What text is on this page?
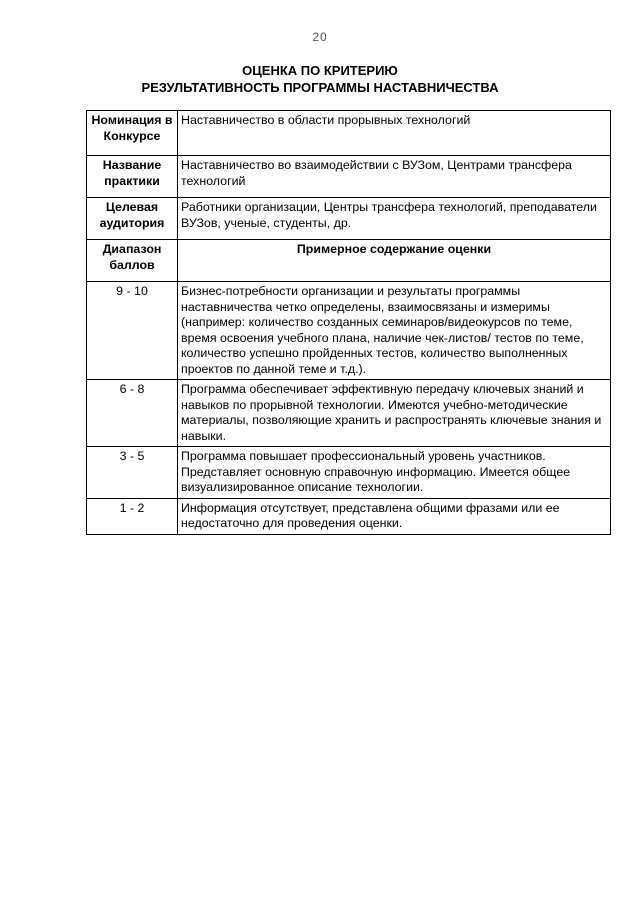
20
ОЦЕНКА ПО КРИТЕРИЮ
РЕЗУЛЬТАТИВНОСТЬ ПРОГРАММЫ НАСТАВНИЧЕСТВА
Номинация в Конкурсе	Наставничество в области прорывных технологий
Название практики	Наставничество во взаимодействии с ВУЗом, Центрами трансфера технологий
Целевая аудитория	Работники организации, Центры трансфера технологий, преподаватели ВУЗов, ученые, студенты, др.
Диапазон баллов	Примерное содержание оценки
9 - 10	Бизнес-потребности организации и результаты программы наставничества четко определены, взаимосвязаны и измеримы (например: количество созданных семинаров/видеокурсов по теме, время освоения учебного плана, наличие чек-листов/ тестов по теме, количество успешно пройденных тестов, количество выполненных проектов по данной теме и т.д.).
6 - 8	Программа обеспечивает эффективную передачу ключевых знаний и навыков по прорывной технологии. Имеются учебно-методические материалы, позволяющие хранить и распространять ключевые знания и навыки.
3 - 5	Программа повышает профессиональный уровень участников. Представляет основную справочную информацию. Имеется общее визуализированное описание технологии.
1 - 2	Информация отсутствует, представлена общими фразами или ее недостаточно для проведения оценки.
